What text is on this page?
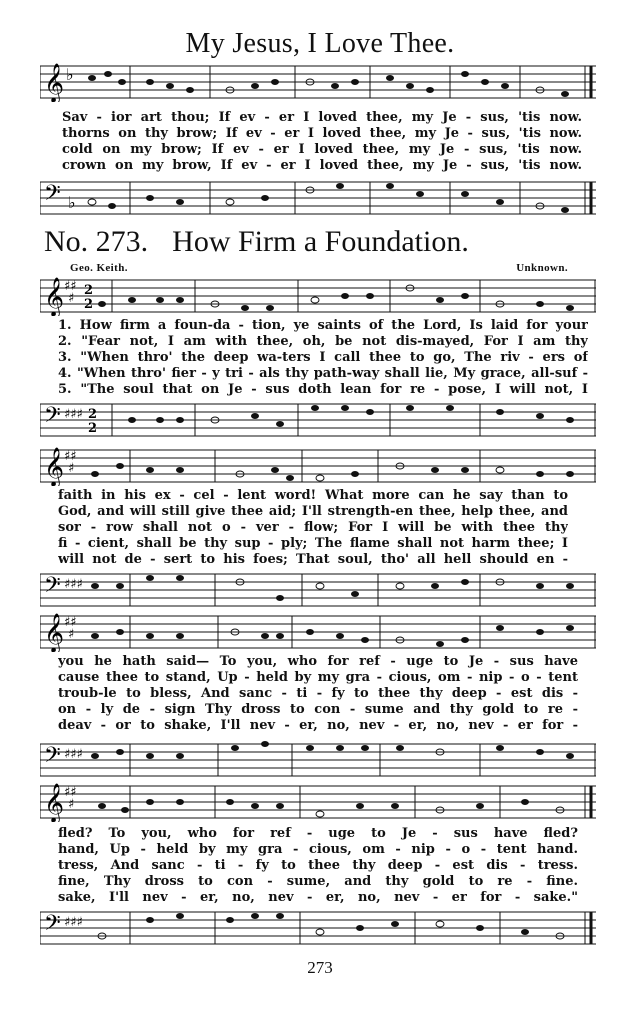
My Jesus, I Love Thee.
𝄞 ♭
Sav - ior art thou; If ev - er I loved thee, my Je - sus, 'tis now.
thorns on thy brow; If ev - er I loved thee, my Je - sus, 'tis now.
cold on my brow; If ev - er I loved thee, my Je - sus, 'tis now.
crown on my brow, If ev - er I loved thee, my Je - sus, 'tis now.
𝄢 ♭
No. 273. How Firm a Foundation.
Geo. Keith.	Unknown.
𝄞 ♯♯
♯
2
2
1. How firm a foun-da - tion, ye saints of the Lord, Is laid for your
2. "Fear not, I am with thee, oh, be not dis-mayed, For I am thy
3. "When thro' the deep wa-ters I call thee to go, The riv - ers of
4. "When thro' fier - y tri - als thy path-way shall lie, My grace, all-suf -
5. "The soul that on Je - sus doth lean for re - pose, I will not, I
𝄢 ♯♯♯ 2
2
𝄞 ♯♯
♯
faith in his ex - cel - lent word! What more can he say than to
God, and will still give thee aid; I'll strength-en thee, help thee, and
sor - row shall not o - ver - flow; For I will be with thee thy
fi - cient, shall be thy sup - ply; The flame shall not harm thee; I
will not de - sert to his foes; That soul, tho' all hell should en -
𝄢 ♯♯♯
𝄞 ♯♯
♯
you he hath said— To you, who for ref - uge to Je - sus have
cause thee to stand, Up - held by my gra - cious, om - nip - o - tent
troub-le to bless, And sanc - ti - fy to thee thy deep - est dis -
on - ly de - sign Thy dross to con - sume and thy gold to re -
deav - or to shake, I'll nev - er, no, nev - er, no, nev - er for -
𝄢 ♯♯♯
𝄞 ♯♯
♯
fled? To you, who for ref - uge to Je - sus have fled?
hand, Up - held by my gra - cious, om - nip - o - tent hand.
tress, And sanc - ti - fy to thee thy deep - est dis - tress.
fine, Thy dross to con - sume, and thy gold to re - fine.
sake, I'll nev - er, no, nev - er, no, nev - er for - sake."
𝄢 ♯♯♯
273
